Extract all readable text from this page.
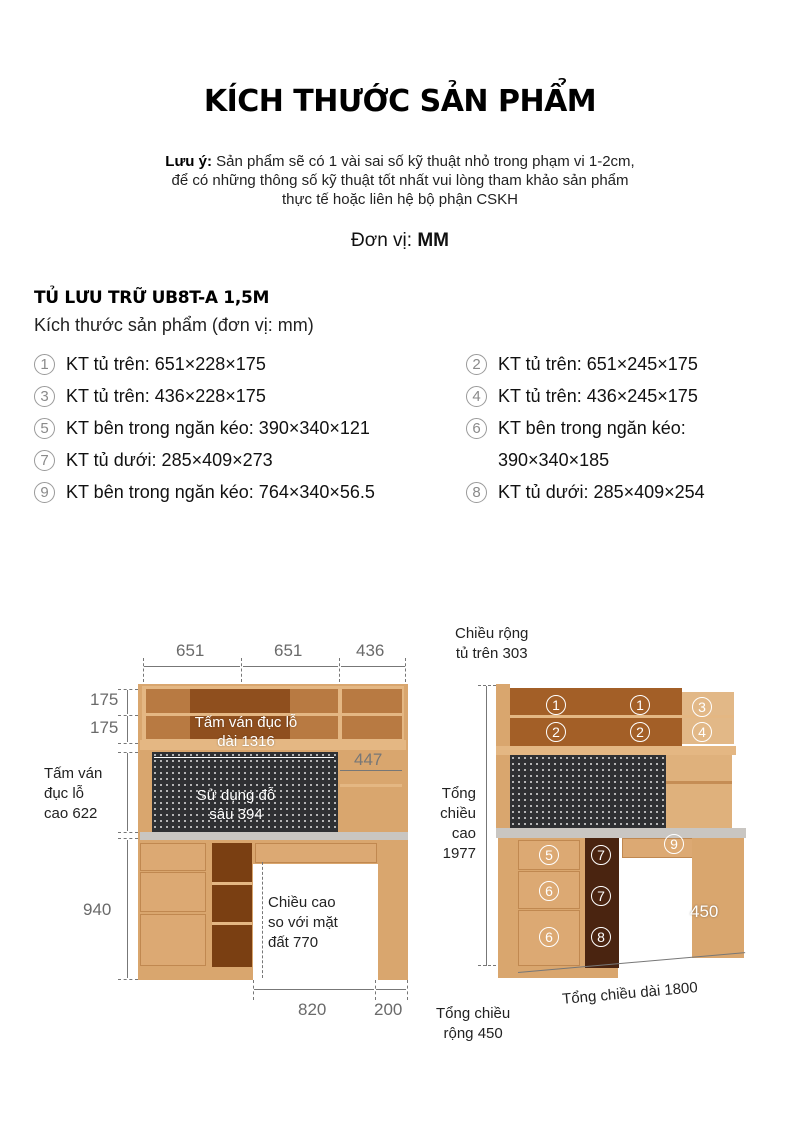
KÍCH THƯỚC SẢN PHẨM
Lưu ý: Sản phẩm sẽ có 1 vài sai số kỹ thuật nhỏ trong phạm vi 1-2cm,
để có những thông số kỹ thuật tốt nhất vui lòng tham khảo sản phẩm
thực tế hoặc liên hệ bộ phận CSKH
Đơn vị: MM
TỦ LƯU TRỮ UB8T-A 1,5M
Kích thước sản phẩm (đơn vị: mm)
1 KT tủ trên: 651×228×175	2 KT tủ trên: 651×245×175
3 KT tủ trên: 436×228×175	4 KT tủ trên: 436×245×175
5 KT bên trong ngăn kéo: 390×340×121	6 KT bên trong ngăn kéo:
390×340×185
7 KT tủ dưới: 285×409×273
9 KT bên trong ngăn kéo: 764×340×56.5	8 KT tủ dưới: 285×409×254
651	651	436
175
175
Tấm ván
đục lỗ
cao 622
940
Tấm ván đục lỗ
dài 1316
Sử dụng đỗ
sâu 394
447
Chiều cao
so với mặt
đất 770
820	200
Chiều rộng
tủ trên 303
Tổng
chiều
cao
1977
1	1	3
2	2	4
9
5	7
6	7
6	8
450
Tổng chiều dài 1800
Tổng chiều
rộng 450
